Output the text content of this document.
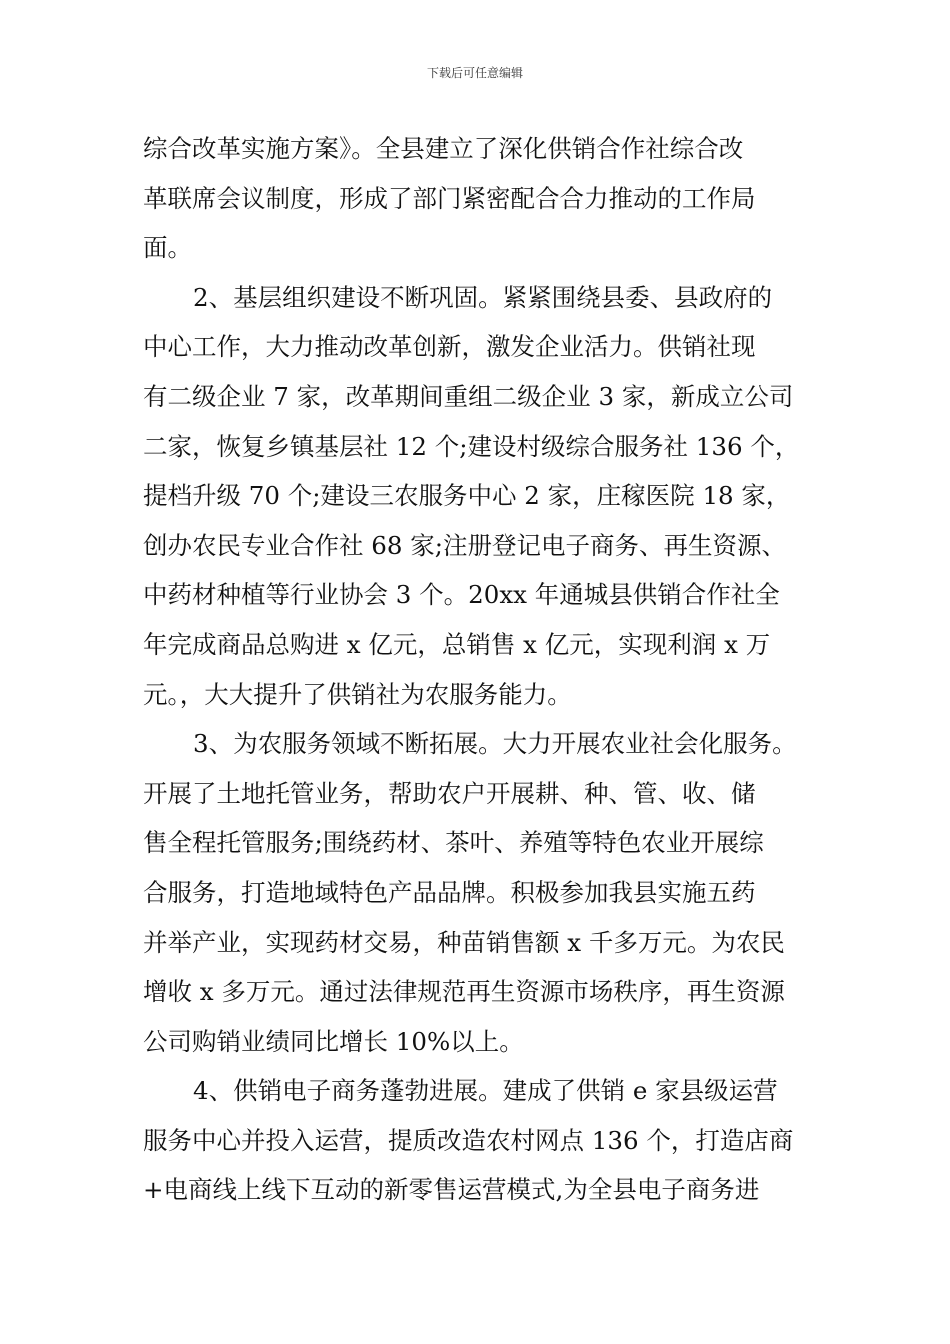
下载后可任意编辑
综合改革实施方案》。全县建立了深化供销合作社综合改
革联席会议制度，形成了部门紧密配合合力推动的工作局
面。
2、基层组织建设不断巩固。紧紧围绕县委、县政府的
中心工作，大力推动改革创新，激发企业活力。供销社现
有二级企业 7 家，改革期间重组二级企业 3 家，新成立公司
二家，恢复乡镇基层社 12 个;建设村级综合服务社 136 个，
提档升级 70 个;建设三农服务中心 2 家，庄稼医院 18 家，
创办农民专业合作社 68 家;注册登记电子商务、再生资源、
中药材种植等行业协会 3 个。20xx 年通城县供销合作社全
年完成商品总购进 x 亿元，总销售 x 亿元，实现利润 x 万
元。，大大提升了供销社为农服务能力。
3、为农服务领域不断拓展。大力开展农业社会化服务。
开展了土地托管业务，帮助农户开展耕、种、管、收、储
售全程托管服务;围绕药材、茶叶、养殖等特色农业开展综
合服务，打造地域特色产品品牌。积极参加我县实施五药
并举产业，实现药材交易，种苗销售额 x 千多万元。为农民
增收 x 多万元。通过法律规范再生资源市场秩序，再生资源
公司购销业绩同比增长 10%以上。
4、供销电子商务蓬勃进展。建成了供销 e 家县级运营
服务中心并投入运营，提质改造农村网点 136 个，打造店商
+电商线上线下互动的新零售运营模式,为全县电子商务进
